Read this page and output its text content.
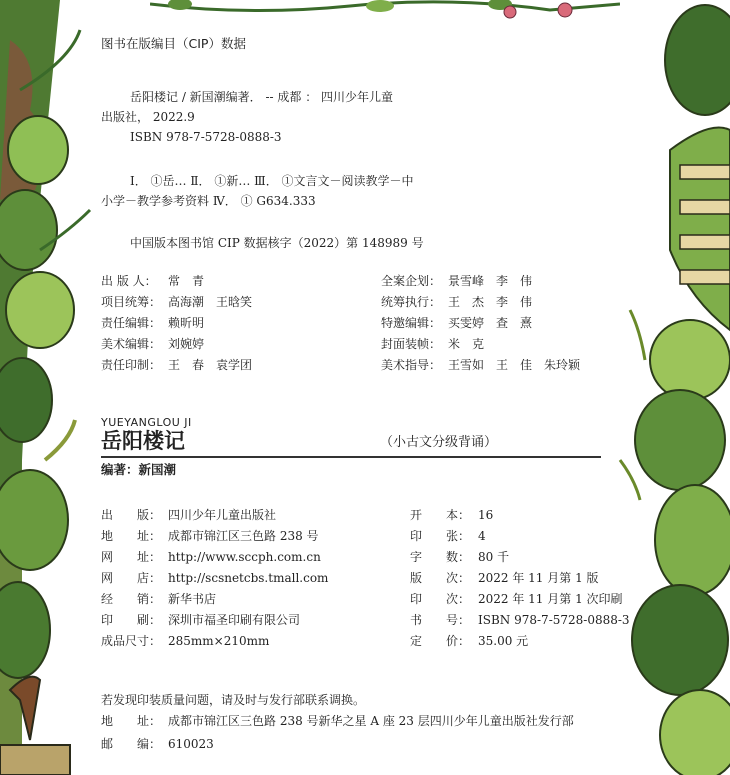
图书在版编目（CIP）数据
岳阳楼记 / 新国潮编著． -- 成都 ： 四川少年儿童
出版社， 2022.9
ISBN 978-7-5728-0888-3
Ⅰ． ①岳… Ⅱ． ①新… Ⅲ． ①文言文－阅读教学－中
小学－教学参考资料 Ⅳ． ① G634.333
中国版本图书馆 CIP 数据核字（2022）第 148989 号
出 版 人： 常　青
项目统筹： 高海潮　王晗笑
责任编辑： 赖昕明
美术编辑： 刘婉婷
责任印制： 王　春　袁学团
全案企划： 景雪峰　李　伟
统筹执行： 王　杰　李　伟
特邀编辑： 买雯婷　查　熹
封面装帧： 米　克
美术指导： 王雪如　王　佳　朱玲颖
YUEYANGLOU JI
岳阳楼记	（小古文分级背诵）
编著：新国潮
出　　版： 四川少年儿童出版社
地　　址： 成都市锦江区三色路 238 号
网　　址： http://www.sccph.com.cn
网　　店： http://scsnetcbs.tmall.com
经　　销： 新华书店
印　　刷： 深圳市福圣印刷有限公司
成品尺寸： 285mm×210mm
开　　本： 16
印　　张： 4
字　　数： 80 千
版　　次： 2022 年 11 月第 1 版
印　　次： 2022 年 11 月第 1 次印刷
书　　号： ISBN 978-7-5728-0888-3
定　　价： 35.00 元
若发现印装质量问题，请及时与发行部联系调换。
地　　址： 成都市锦江区三色路 238 号新华之星 A 座 23 层四川少年儿童出版社发行部
邮　　编： 610023
